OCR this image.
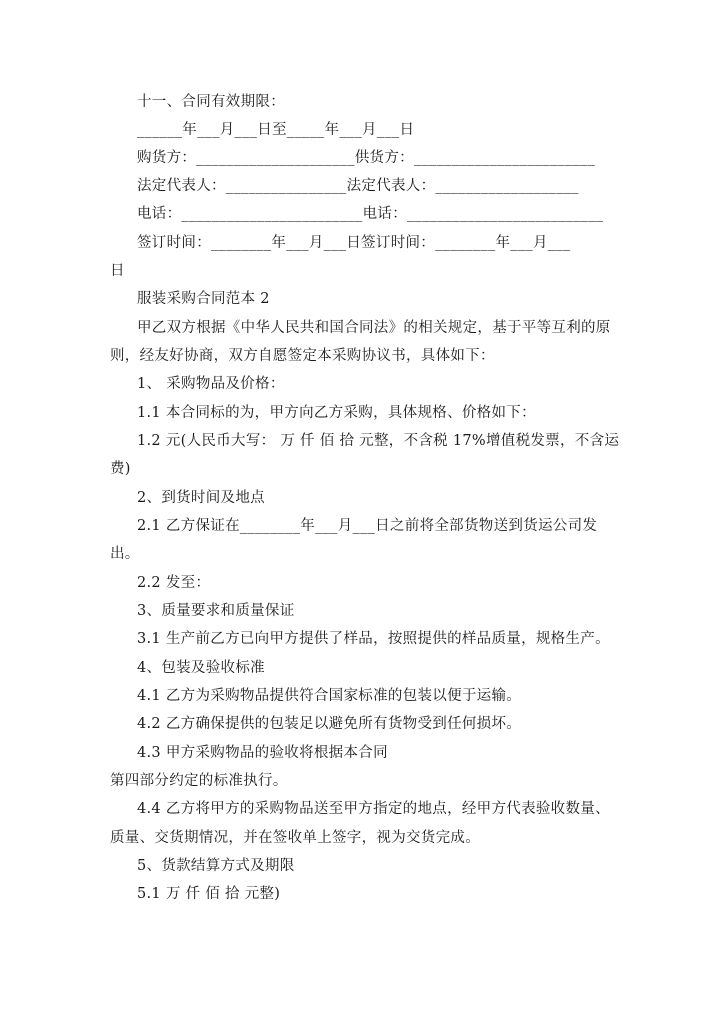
十一、合同有效期限：
______年___月___日至_____年___月___日
购货方：_____________________供货方：________________________
法定代表人：________________法定代表人：___________________
电话：________________________电话：__________________________
签订时间：________年___月___日签订时间：________年___月___
日
服装采购合同范本 2
甲乙双方根据《中华人民共和国合同法》的相关规定，基于平等互利的原
则，经友好协商，双方自愿签定本采购协议书，具体如下：
1、 采购物品及价格：
1.1 本合同标的为，甲方向乙方采购，具体规格、价格如下：
1.2 元(人民币大写： 万 仟 佰 拾 元整，不含税 17%增值税发票，不含运
费)
2、到货时间及地点
2.1 乙方保证在________年___月___日之前将全部货物送到货运公司发
出。
2.2 发至：
3、质量要求和质量保证
3.1 生产前乙方已向甲方提供了样品，按照提供的样品质量，规格生产。
4、包装及验收标准
4.1 乙方为采购物品提供符合国家标准的包装以便于运输。
4.2 乙方确保提供的包装足以避免所有货物受到任何损坏。
4.3 甲方采购物品的验收将根据本合同
第四部分约定的标准执行。
4.4 乙方将甲方的采购物品送至甲方指定的地点，经甲方代表验收数量、
质量、交货期情况，并在签收单上签字，视为交货完成。
5、货款结算方式及期限
5.1 万 仟 佰 拾 元整)
